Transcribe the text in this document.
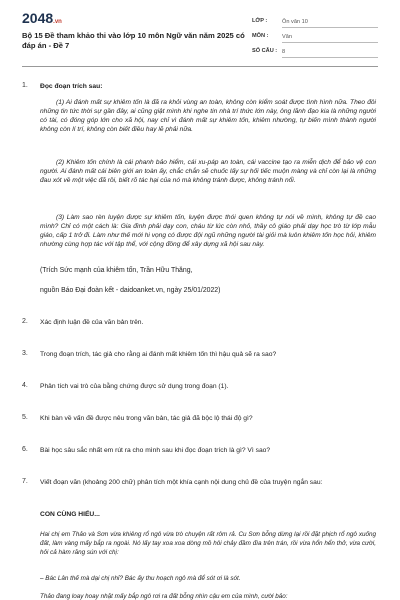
2048.vn
Bộ 15 Đề tham khảo thi vào lớp 10 môn Ngữ văn năm 2025 có đáp án - Đề 7
LỚP :	Ôn văn 10
MÔN : Văn
SỐ CÂU : 8
1. Đọc đoạn trích sau:
(1) Ai đánh mất sự khiêm tốn là đã ra khỏi vùng an toàn, không còn kiểm soát được tình hình nữa. Theo đôi những tin tức thời sự gần đây, ai cũng giật mình khi nghe tin nhà trí thức lớn này, ông lãnh đạo kia là những người có tài, có đóng góp lớn cho xã hội, nay chỉ vì đánh mất sự khiêm tốn, khiêm nhường, tự biến mình thành người không còn lí trí, không còn biết điều hay lẽ phải nữa.
(2) Khiêm tốn chính là cái phanh bảo hiểm, cái xu-páp an toàn, cái vaccine tạo ra miễn dịch để bảo vệ con người. Ai đánh mất cái biên giới an toàn ấy, chắc chắn sẽ chuốc lấy sự hối tiếc muộn màng và chỉ còn lại là những đau xót về một việc đã rồi, biết rõ tác hại của nó mà không tránh được, không tránh nổi.
(3) Làm sao rèn luyện được sự khiêm tốn, luyện được thói quen không tự nói về mình, không tự đề cao mình? Chỉ có một cách là: Gia đình phải dạy con, cháu từ lúc còn nhỏ, thầy cô giáo phải dạy học trò từ lớp mẫu giáo, cấp 1 trở đi. Làm như thế mới hi vọng có được đội ngũ những người tài giỏi mà luôn khiêm tốn học hỏi, khiêm nhường cùng hợp tác với tập thể, với cộng đồng để xây dựng xã hội sau này.
(Trích Sức mạnh của khiêm tốn, Trần Hữu Thăng,
nguồn Báo Đại đoàn kết - daidoanket.vn, ngày 25/01/2022)
2. Xác định luận đề của văn bản trên.
3. Trong đoạn trích, tác giả cho rằng ai đánh mất khiêm tốn thì hậu quả sẽ ra sao?
4. Phân tích vai trò của bằng chứng được sử dụng trong đoạn (1).
5. Khi bàn về vấn đề được nêu trong văn bản, tác giả đã bộc lộ thái độ gì?
6. Bài học sâu sắc nhất em rút ra cho mình sau khi đọc đoạn trích là gì? Vì sao?
7. Viết đoạn văn (khoảng 200 chữ) phân tích một khía cạnh nội dung chủ đề của truyện ngắn sau:
CON CÙNG HIẾU...
Hai chị em Thảo và Sơn vừa khiêng rổ ngô vừa trò chuyện rất rôm rả. Cu Sơn bỗng dừng lại rồi đặt phịch rổ ngô xuống đất, làm vàng mấy bắp ra ngoài. Nó lấy tay xoa xoa dòng mồ hôi chảy đầm đìa trên trán, rồi vừa hổn hển thở, vừa cười, hỏi cả hàm răng sún với chị:
– Bác Lân thế mà dại chị nhỉ? Bác ấy thu hoạch ngô mà để sót ơi là sót.
Thảo đang loay hoay nhặt mấy bắp ngô rơi ra đất bỗng nhìn cậu em của mình, cười bảo:
